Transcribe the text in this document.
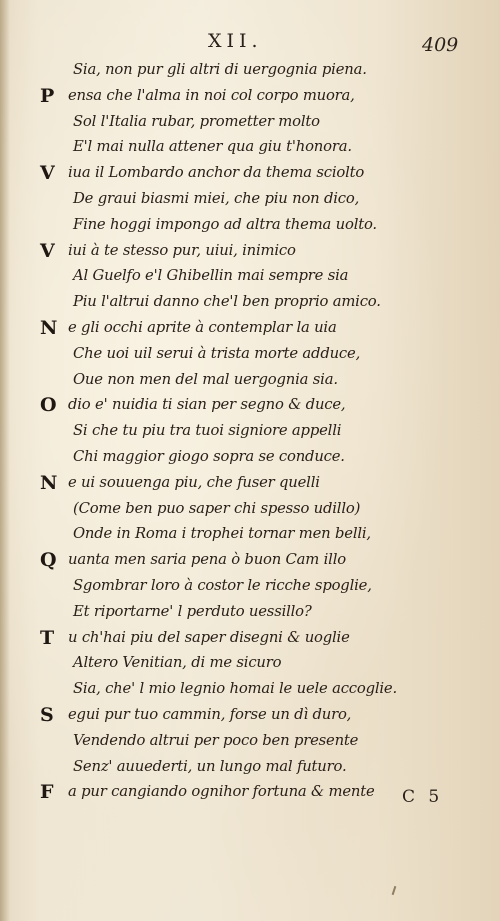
XII.	409
Sia, non pur gli altri di uergognia piena.
P ensa che l'alma in noi col corpo muora,
Sol l'Italia rubar, prometter molto
E'l mai nulla attener qua giu t'honora.
V iua il Lombardo anchor da thema sciolto
De graui biasmi miei, che piu non dico,
Fine hoggi impongo ad altra thema uolto.
V iui à te stesso pur, uiui, inimico
Al Guelfo e'l Ghibellin mai sempre sia
Piu l'altrui danno che'l ben proprio amico.
N e gli occhi aprite à contemplar la uia
Che uoi uil serui à trista morte adduce,
Oue non men del mal uergognia sia.
O dio e' nuidia ti sian per segno & duce,
Si che tu piu tra tuoi signiore appelli
Chi maggior giogo sopra se conduce.
N e ui souuenga piu, che fuser quelli
(Come ben puo saper chi spesso udillo)
Onde in Roma i trophei tornar men belli,
Q uanta men saria pena ò buon Cam illo
Sgombrar loro à costor le ricche spoglie,
Et riportarne' l perduto uessillo?
T u ch'hai piu del saper disegni & uoglie
Altero Venitian, di me sicuro
Sia, che' l mio legnio homai le uele accoglie.
S egui pur tuo cammin, forse un dì duro,
Vendendo altrui per poco ben presente
Senz' auuederti, un lungo mal futuro.
F a pur cangiando ognihor fortuna & mente C 5
